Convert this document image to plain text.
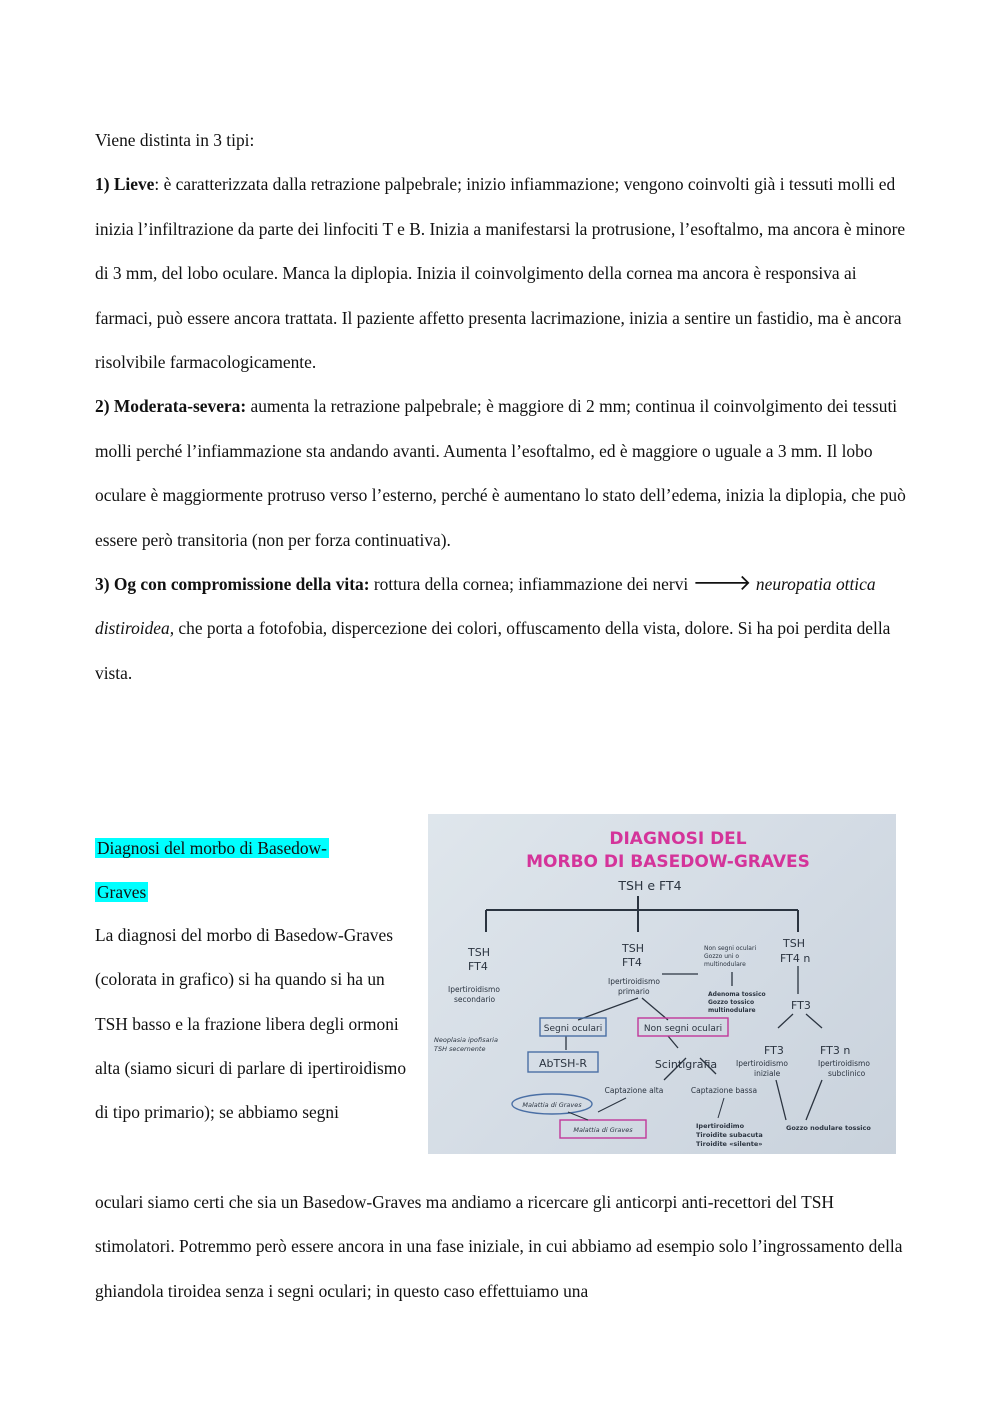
Viene distinta in 3 tipi:

1) Lieve: è caratterizzata dalla retrazione palpebrale; inizio infiammazione; vengono coinvolti già i tessuti molli ed inizia l’infiltrazione da parte dei linfociti T e B. Inizia a manifestarsi la protrusione, l’esoftalmo, ma ancora è minore di 3 mm, del lobo oculare. Manca la diplopia. Inizia il coinvolgimento della cornea ma ancora è responsiva ai farmaci, può essere ancora trattata. Il paziente affetto presenta lacrimazione, inizia a sentire un fastidio, ma è ancora risolvibile farmacologicamente.

2) Moderata-severa: aumenta la retrazione palpebrale; è maggiore di 2 mm; continua il coinvolgimento dei tessuti molli perché l’infiammazione sta andando avanti. Aumenta l’esoftalmo, ed è maggiore o uguale a 3 mm. Il lobo oculare è maggiormente protruso verso l’esterno, perché è aumentano lo stato dell’edema, inizia la diplopia, che può essere però transitoria (non per forza continuativa).

3) Og con compromissione della vita: rottura della cornea; infiammazione dei nervi 🡒 neuropatia ottica distiroidea, che porta a fotofobia, dispercezione dei colori, offuscamento della vista, dolore. Si ha poi perdita della vista.

Diagnosi del morbo di Basedow-
Graves

La diagnosi del morbo di Basedow-Graves (colorata in grafico) si ha quando si ha un TSH basso e la frazione libera degli ormoni alta (siamo sicuri di parlare di ipertiroidismo di tipo primario); se abbiamo segni

oculari siamo certi che sia un Basedow-Graves ma andiamo a ricercare gli anticorpi anti-recettori del TSH stimolatori. Potremmo però essere ancora in una fase iniziale, in cui abbiamo ad esempio solo l’ingrossamento della ghiandola tiroidea senza i segni oculari; in questo caso effettuiamo una

DIAGNOSI DEL
MORBO DI BASEDOW-GRAVES
TSH e FT4
TSH
FT4
Ipertiroidismo
secondario
Neoplasia ipofisaria
TSH secernente
TSH
FT4
Ipertiroidismo
primario
Non segni oculari
Gozzo uni o
multinodulare
Adenoma tossico
Gozzo tossico
multinodulare
TSH
FT4 n
FT3
FT3
Ipertiroidismo
iniziale
FT3 n
Ipertiroidismo
subclinico
Segni oculari	Non segni oculari
AbTSH-R	Scintigrafia
Captazione alta	Captazione bassa
Malattia di Graves
Malattia di Graves	Ipertiroidimo
Tiroidite subacuta
Tiroidite «silente»
Gozzo nodulare tossico
